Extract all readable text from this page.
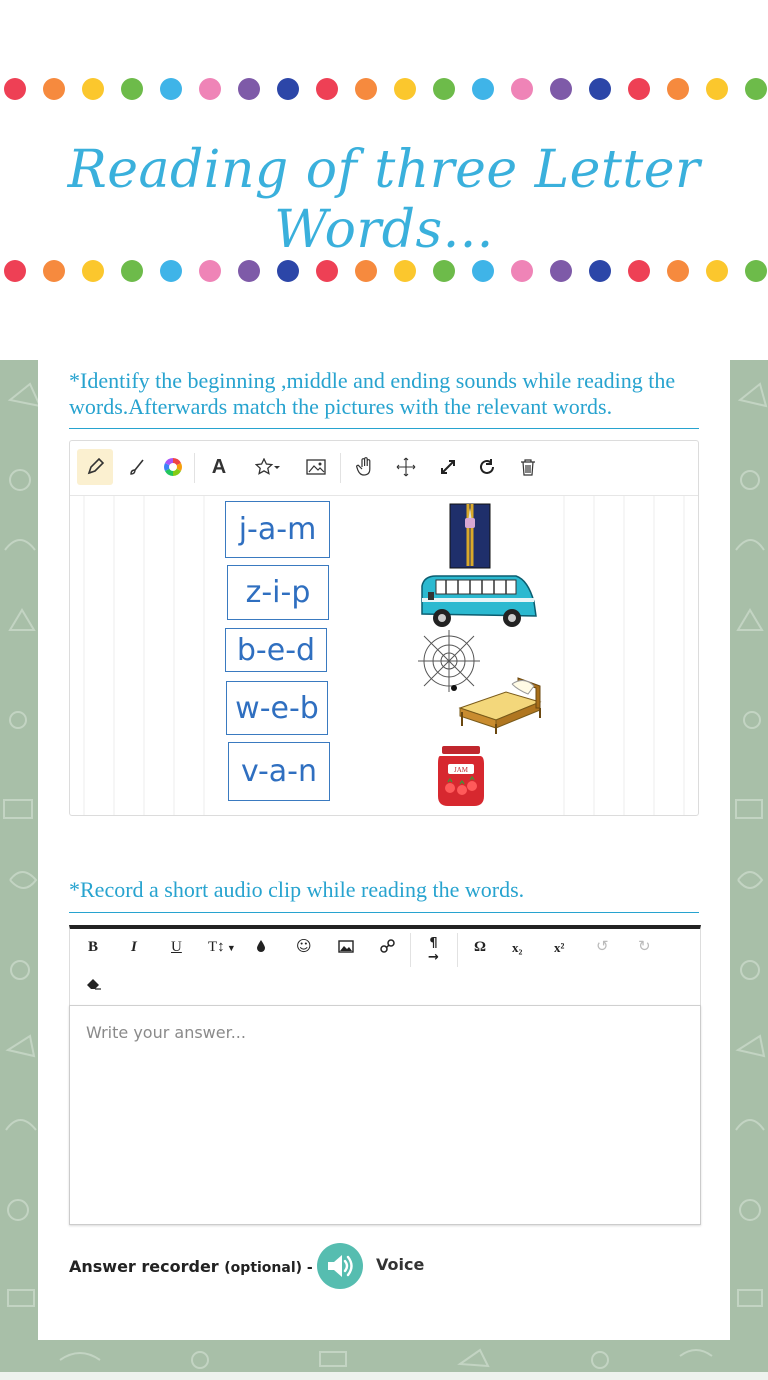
Reading of three Letter Words...
*Identify the beginning ,middle and ending sounds while reading the words.Afterwards match the pictures with the relevant words.
A
j-a-m
z-i-p
b-e-d
w-e-b
v-a-n	JAM
*Record a short audio clip while reading the words.
B I U T↕ ▼	☺	¶
→
Ω x₂ x² ↺ ↻
Write your answer...
Answer recorder (optional) -	Voice
